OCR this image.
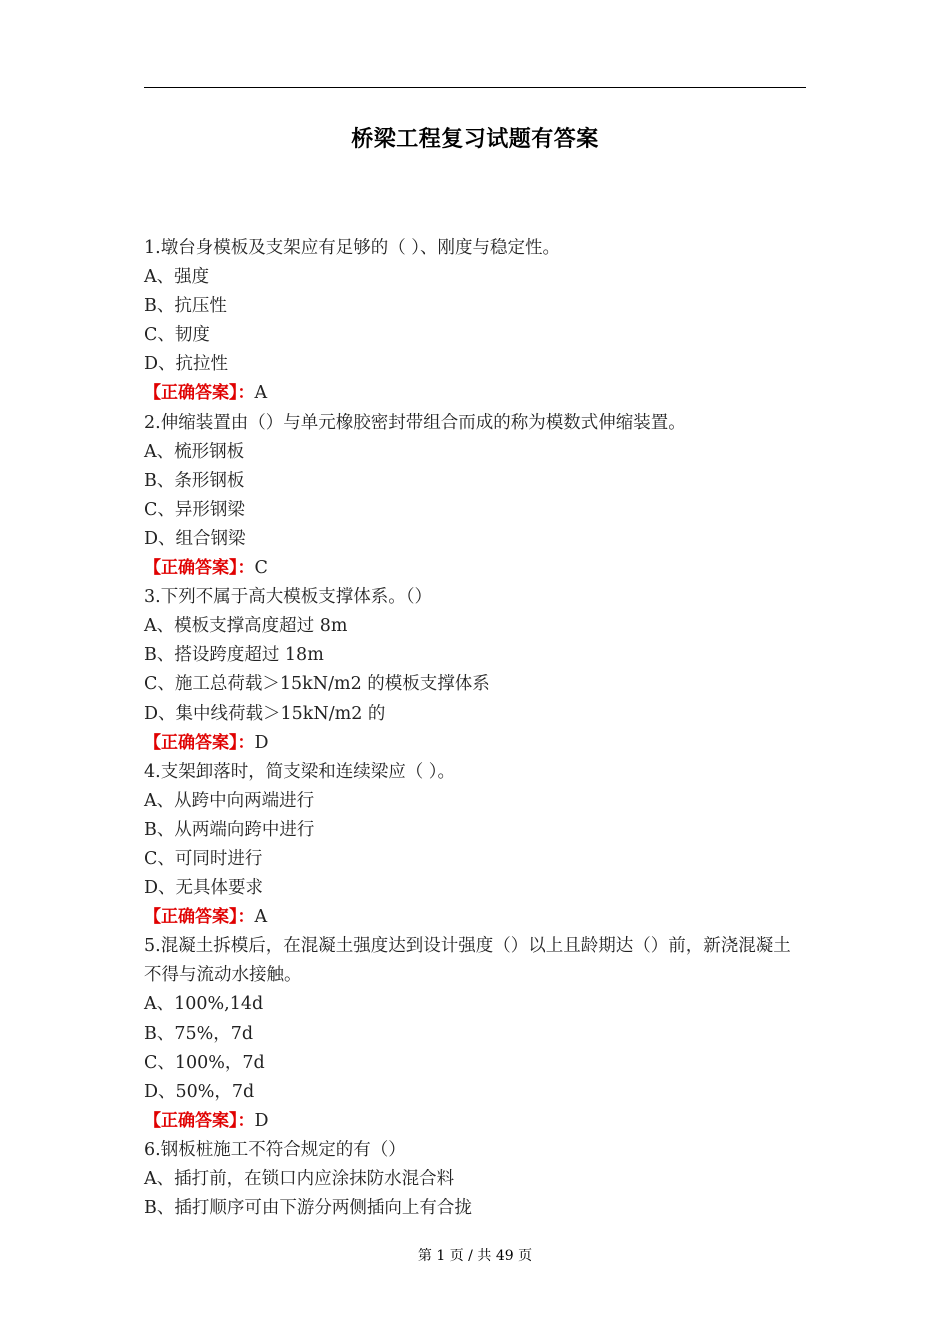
桥梁工程复习试题有答案
1.墩台身模板及支架应有足够的（ ）、刚度与稳定性。
A、强度
B、抗压性
C、韧度
D、抗拉性
【正确答案】：A
2.伸缩装置由（）与单元橡胶密封带组合而成的称为模数式伸缩装置。
A、梳形钢板
B、条形钢板
C、异形钢梁
D、组合钢梁
【正确答案】：C
3.下列不属于高大模板支撑体系。（）
A、模板支撑高度超过 8m
B、搭设跨度超过 18m
C、施工总荷载＞15kN/m2 的模板支撑体系
D、集中线荷载＞15kN/m2 的
【正确答案】：D
4.支架卸落时，简支梁和连续梁应（ ）。
A、从跨中向两端进行
B、从两端向跨中进行
C、可同时进行
D、无具体要求
【正确答案】：A
5.混凝土拆模后，在混凝土强度达到设计强度（）以上且龄期达（）前，新浇混凝土不得与流动水接触。
A、100%,14d
B、75%，7d
C、100%，7d
D、50%，7d
【正确答案】：D
6.钢板桩施工不符合规定的有（）
A、插打前，在锁口内应涂抹防水混合料
B、插打顺序可由下游分两侧插向上有合拢
第 1 页 / 共 49 页
